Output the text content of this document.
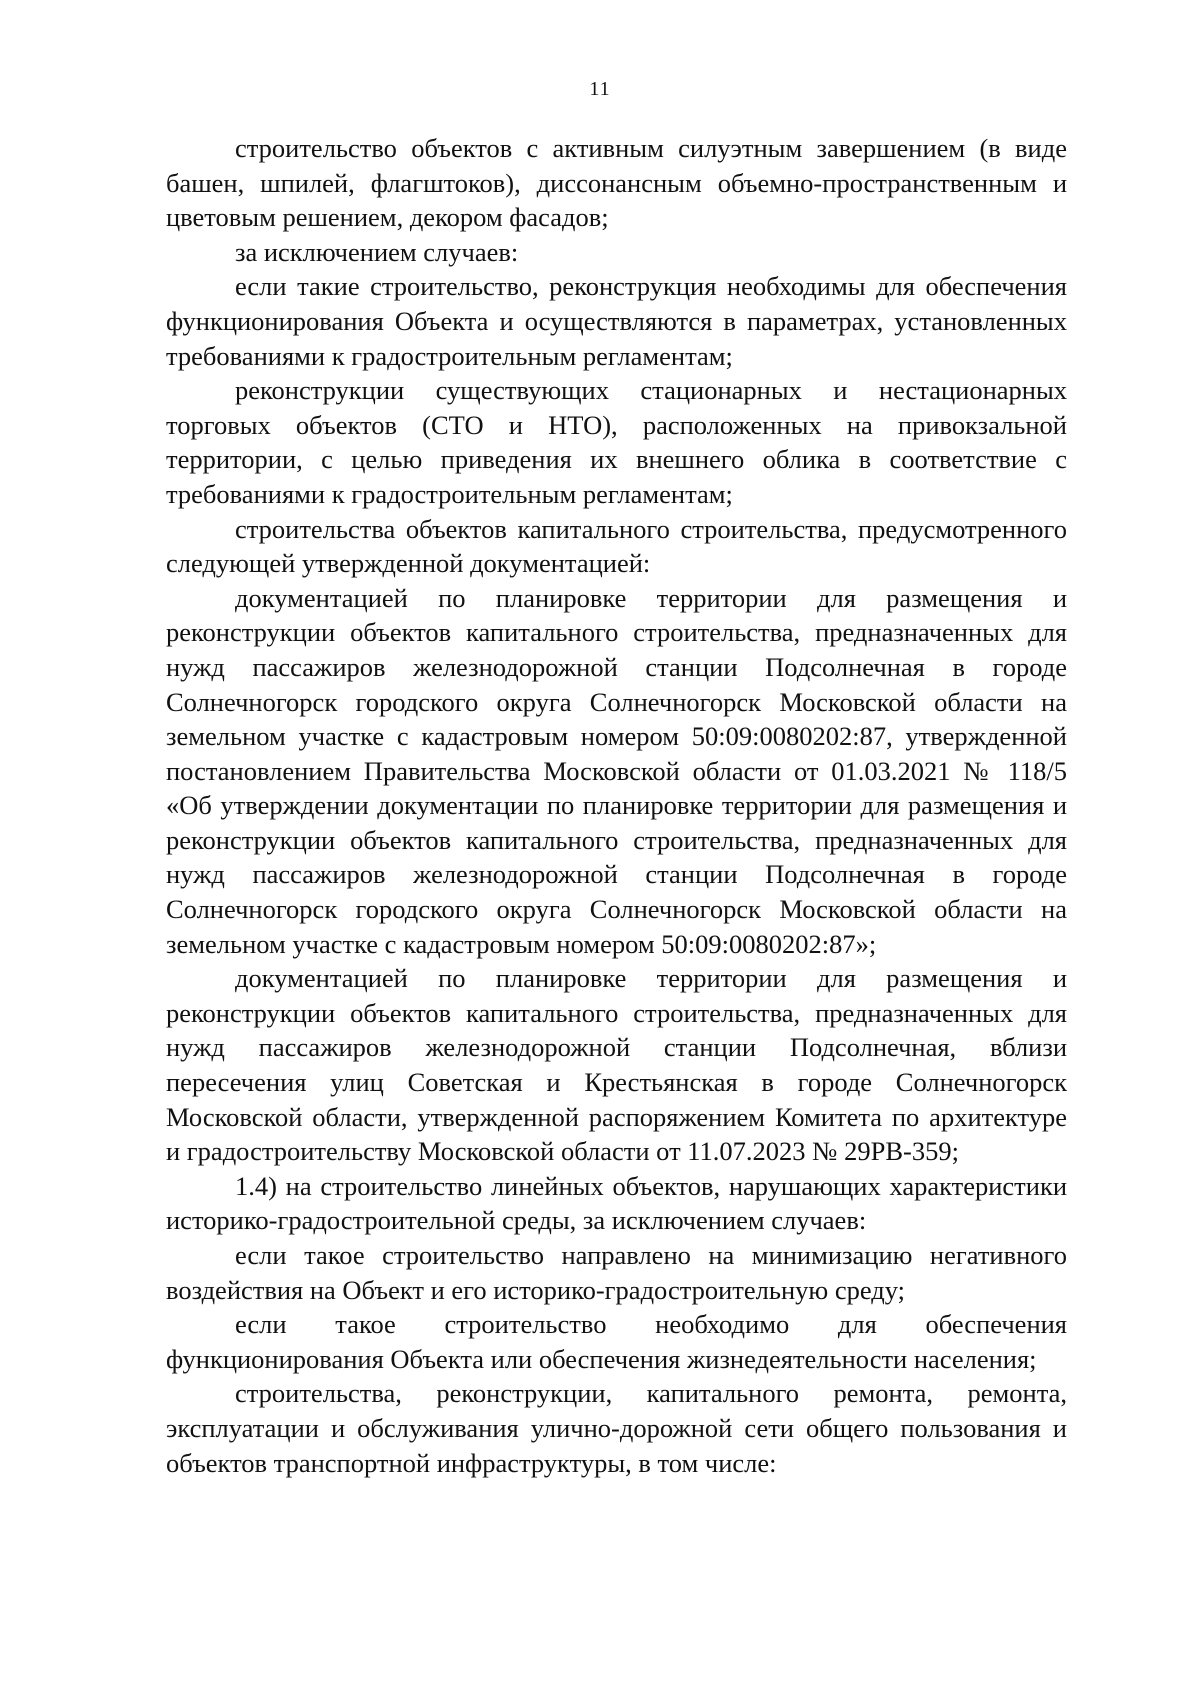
11

строительство объектов с активным силуэтным завершением (в виде башен, шпилей, флагштоков), диссонансным объемно-пространственным и цветовым решением, декором фасадов;

за исключением случаев:

если такие строительство, реконструкция необходимы для обеспечения функционирования Объекта и осуществляются в параметрах, установленных требованиями к градостроительным регламентам;

реконструкции существующих стационарных и нестационарных торговых объектов (СТО и НТО), расположенных на привокзальной территории, с целью приведения их внешнего облика в соответствие с требованиями к градостроительным регламентам;

строительства объектов капитального строительства, предусмотренного следующей утвержденной документацией:

документацией по планировке территории для размещения и реконструкции объектов капитального строительства, предназначенных для нужд пассажиров железнодорожной станции Подсолнечная в городе Солнечногорск городского округа Солнечногорск Московской области на земельном участке с кадастровым номером 50:09:0080202:87, утвержденной постановлением Правительства Московской области от 01.03.2021 № 118/5 «Об утверждении документации по планировке территории для размещения и реконструкции объектов капитального строительства, предназначенных для нужд пассажиров железнодорожной станции Подсолнечная в городе Солнечногорск городского округа Солнечногорск Московской области на земельном участке с кадастровым номером 50:09:0080202:87»;

документацией по планировке территории для размещения и реконструкции объектов капитального строительства, предназначенных для нужд пассажиров железнодорожной станции Подсолнечная, вблизи пересечения улиц Советская и Крестьянская в городе Солнечногорск Московской области, утвержденной распоряжением Комитета по архитектуре и градостроительству Московской области от 11.07.2023 № 29РВ-359;

1.4) на строительство линейных объектов, нарушающих характеристики историко-градостроительной среды, за исключением случаев:

если такое строительство направлено на минимизацию негативного воздействия на Объект и его историко-градостроительную среду;

если такое строительство необходимо для обеспечения функционирования Объекта или обеспечения жизнедеятельности населения;

строительства, реконструкции, капитального ремонта, ремонта, эксплуатации и обслуживания улично-дорожной сети общего пользования и объектов транспортной инфраструктуры, в том числе:
